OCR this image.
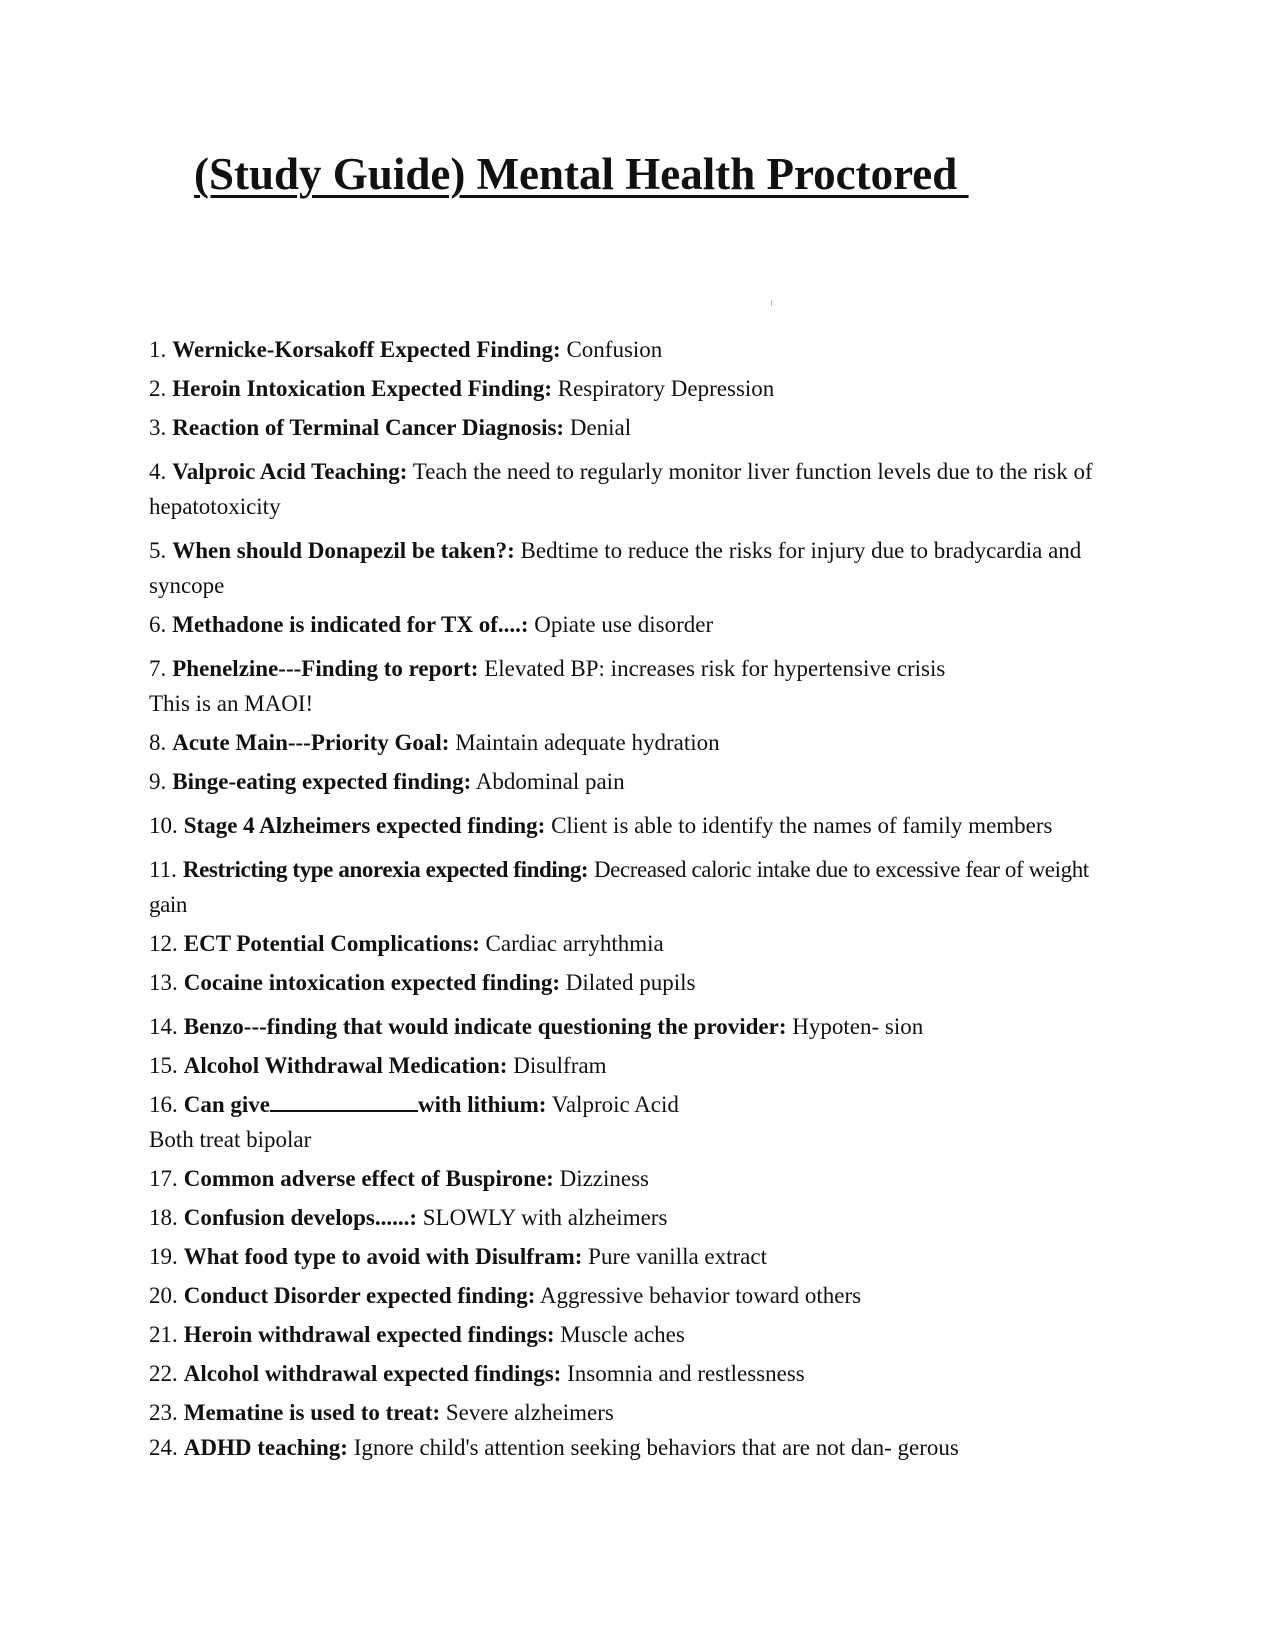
(Study Guide) Mental Health Proctored
1. Wernicke-Korsakoff Expected Finding: Confusion
2. Heroin Intoxication Expected Finding: Respiratory Depression
3. Reaction of Terminal Cancer Diagnosis: Denial
4. Valproic Acid Teaching: Teach the need to regularly monitor liver function levels due to the risk of hepatotoxicity
5. When should Donapezil be taken?: Bedtime to reduce the risks for injury due to bradycardia and syncope
6. Methadone is indicated for TX of....: Opiate use disorder
7. Phenelzine---Finding to report: Elevated BP: increases risk for hypertensive crisis
This is an MAOI!
8. Acute Main---Priority Goal: Maintain adequate hydration
9. Binge-eating expected finding: Abdominal pain
10. Stage 4 Alzheimers expected finding: Client is able to identify the names of family members
11. Restricting type anorexia expected finding: Decreased caloric intake due to excessive fear of weight gain
12. ECT Potential Complications: Cardiac arryhthmia
13. Cocaine intoxication expected finding: Dilated pupils
14. Benzo---finding that would indicate questioning the provider: Hypoten- sion
15. Alcohol Withdrawal Medication: Disulfram
16. Can give	with lithium: Valproic Acid
Both treat bipolar
17. Common adverse effect of Buspirone: Dizziness
18. Confusion develops......: SLOWLY with alzheimers
19. What food type to avoid with Disulfram: Pure vanilla extract
20. Conduct Disorder expected finding: Aggressive behavior toward others
21. Heroin withdrawal expected findings: Muscle aches
22. Alcohol withdrawal expected findings: Insomnia and restlessness
23. Mematine is used to treat: Severe alzheimers
24. ADHD teaching: Ignore child's attention seeking behaviors that are not dan- gerous
